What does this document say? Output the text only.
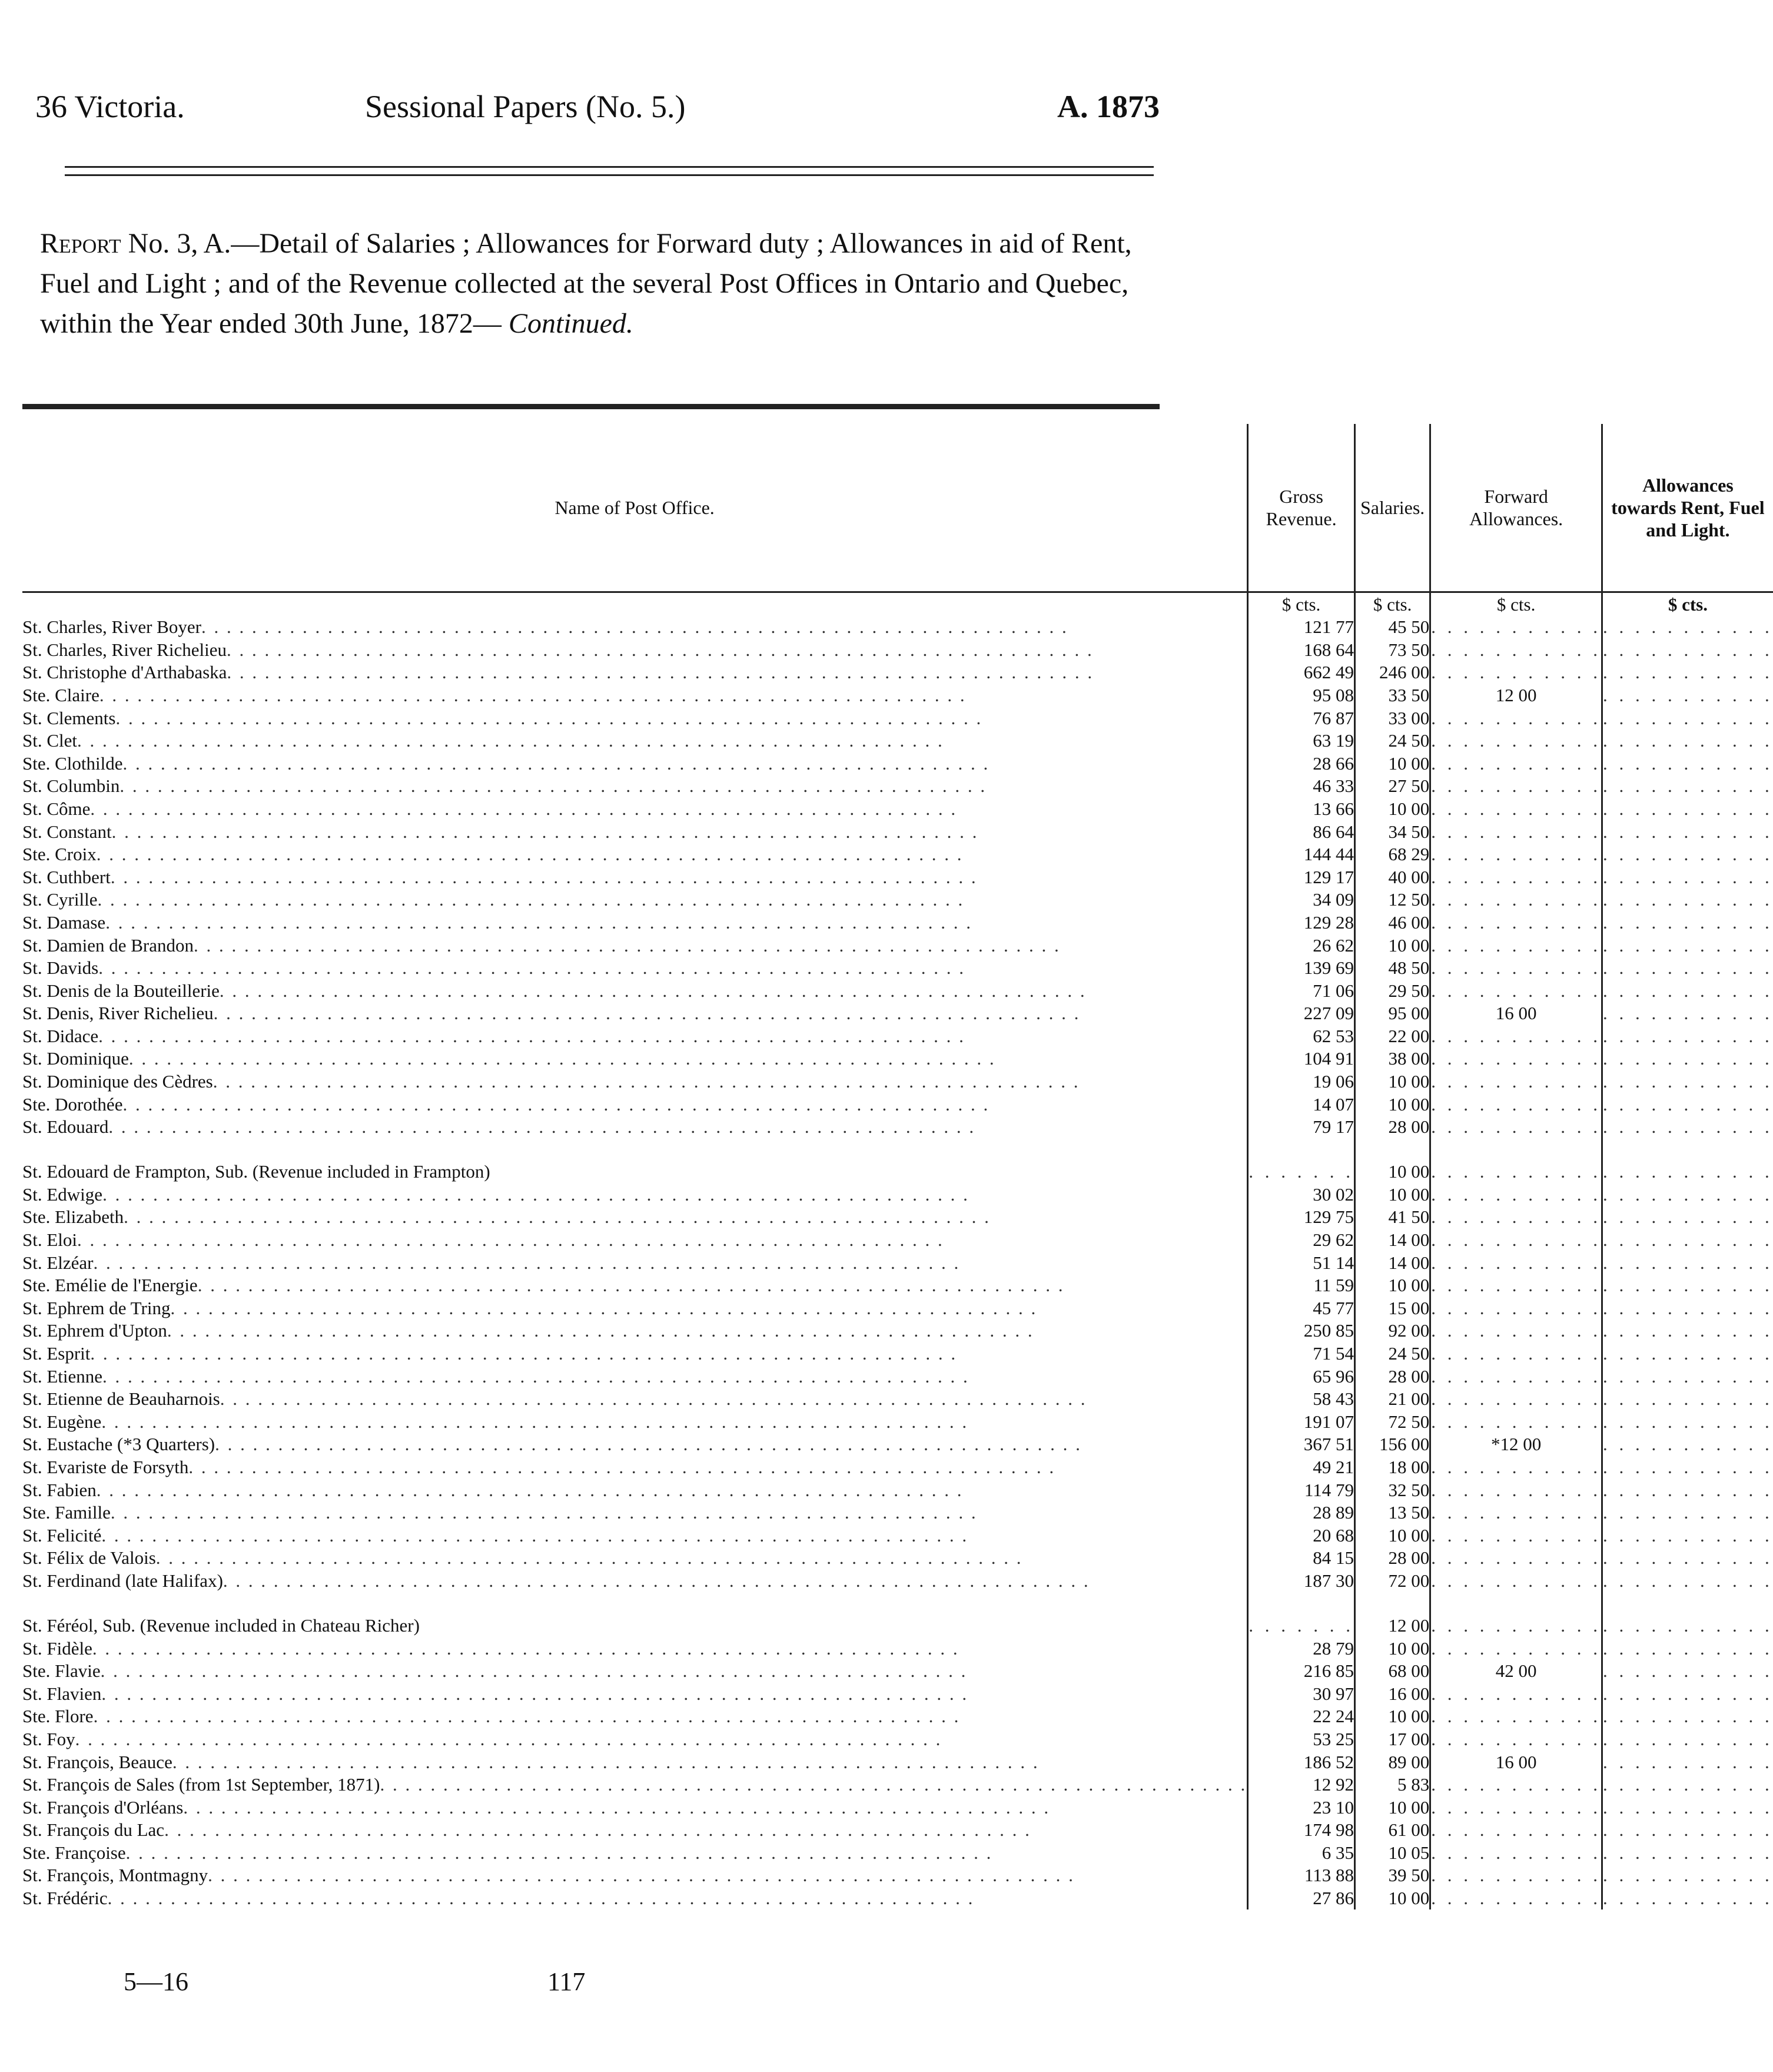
36 Victoria.	Sessional Papers (No. 5.)	A. 1873
Report No. 3, A.—Detail of Salaries ; Allowances for Forward duty ; Allowances in aid of Rent, Fuel and Light ; and of the Revenue collected at the several Post Offices in Ontario and Quebec, within the Year ended 30th June, 1872— Continued.
Name of Post Office.	Gross Revenue.	Salaries.	Forward Allowances.	Allowances towards Rent, Fuel and Light.
	$ cts.	$ cts.	$ cts.	$ cts.

St. Charles, River Boyer . . . . . . . . . . . . . . . . . . . . . . . . . . . . . . . . . . . . . . . . . . . . . . . . . . . . . . . . . . . . . . . . . . . . .	121 77	45 50	. . . . . . . . . . .	. . . . . . . . . . .

St. Charles, River Richelieu . . . . . . . . . . . . . . . . . . . . . . . . . . . . . . . . . . . . . . . . . . . . . . . . . . . . . . . . . . . . . . . . . . . . .	168 64	73 50	. . . . . . . . . . .	. . . . . . . . . . .

St. Christophe d'Arthabaska . . . . . . . . . . . . . . . . . . . . . . . . . . . . . . . . . . . . . . . . . . . . . . . . . . . . . . . . . . . . . . . . . . . . .	662 49	246 00	. . . . . . . . . . .	. . . . . . . . . . .

Ste. Claire . . . . . . . . . . . . . . . . . . . . . . . . . . . . . . . . . . . . . . . . . . . . . . . . . . . . . . . . . . . . . . . . . . . . .	95 08	33 50	12 00	. . . . . . . . . . .

St. Clements . . . . . . . . . . . . . . . . . . . . . . . . . . . . . . . . . . . . . . . . . . . . . . . . . . . . . . . . . . . . . . . . . . . . .	76 87	33 00	. . . . . . . . . . .	. . . . . . . . . . .

St. Clet . . . . . . . . . . . . . . . . . . . . . . . . . . . . . . . . . . . . . . . . . . . . . . . . . . . . . . . . . . . . . . . . . . . . .	63 19	24 50	. . . . . . . . . . .	. . . . . . . . . . .

Ste. Clothilde . . . . . . . . . . . . . . . . . . . . . . . . . . . . . . . . . . . . . . . . . . . . . . . . . . . . . . . . . . . . . . . . . . . . .	28 66	10 00	. . . . . . . . . . .	. . . . . . . . . . .

St. Columbin . . . . . . . . . . . . . . . . . . . . . . . . . . . . . . . . . . . . . . . . . . . . . . . . . . . . . . . . . . . . . . . . . . . . .	46 33	27 50	. . . . . . . . . . .	. . . . . . . . . . .

St. Côme . . . . . . . . . . . . . . . . . . . . . . . . . . . . . . . . . . . . . . . . . . . . . . . . . . . . . . . . . . . . . . . . . . . . .	13 66	10 00	. . . . . . . . . . .	. . . . . . . . . . .

St. Constant . . . . . . . . . . . . . . . . . . . . . . . . . . . . . . . . . . . . . . . . . . . . . . . . . . . . . . . . . . . . . . . . . . . . .	86 64	34 50	. . . . . . . . . . .	. . . . . . . . . . .

Ste. Croix . . . . . . . . . . . . . . . . . . . . . . . . . . . . . . . . . . . . . . . . . . . . . . . . . . . . . . . . . . . . . . . . . . . . .	144 44	68 29	. . . . . . . . . . .	. . . . . . . . . . .

St. Cuthbert . . . . . . . . . . . . . . . . . . . . . . . . . . . . . . . . . . . . . . . . . . . . . . . . . . . . . . . . . . . . . . . . . . . . .	129 17	40 00	. . . . . . . . . . .	. . . . . . . . . . .

St. Cyrille . . . . . . . . . . . . . . . . . . . . . . . . . . . . . . . . . . . . . . . . . . . . . . . . . . . . . . . . . . . . . . . . . . . . .	34 09	12 50	. . . . . . . . . . .	. . . . . . . . . . .

St. Damase . . . . . . . . . . . . . . . . . . . . . . . . . . . . . . . . . . . . . . . . . . . . . . . . . . . . . . . . . . . . . . . . . . . . .	129 28	46 00	. . . . . . . . . . .	. . . . . . . . . . .

St. Damien de Brandon . . . . . . . . . . . . . . . . . . . . . . . . . . . . . . . . . . . . . . . . . . . . . . . . . . . . . . . . . . . . . . . . . . . . .	26 62	10 00	. . . . . . . . . . .	. . . . . . . . . . .

St. Davids . . . . . . . . . . . . . . . . . . . . . . . . . . . . . . . . . . . . . . . . . . . . . . . . . . . . . . . . . . . . . . . . . . . . .	139 69	48 50	. . . . . . . . . . .	. . . . . . . . . . .

St. Denis de la Bouteillerie . . . . . . . . . . . . . . . . . . . . . . . . . . . . . . . . . . . . . . . . . . . . . . . . . . . . . . . . . . . . . . . . . . . . .	71 06	29 50	. . . . . . . . . . .	. . . . . . . . . . .

St. Denis, River Richelieu . . . . . . . . . . . . . . . . . . . . . . . . . . . . . . . . . . . . . . . . . . . . . . . . . . . . . . . . . . . . . . . . . . . . .	227 09	95 00	16 00	. . . . . . . . . . .

St. Didace . . . . . . . . . . . . . . . . . . . . . . . . . . . . . . . . . . . . . . . . . . . . . . . . . . . . . . . . . . . . . . . . . . . . .	62 53	22 00	. . . . . . . . . . .	. . . . . . . . . . .

St. Dominique . . . . . . . . . . . . . . . . . . . . . . . . . . . . . . . . . . . . . . . . . . . . . . . . . . . . . . . . . . . . . . . . . . . . .	104 91	38 00	. . . . . . . . . . .	. . . . . . . . . . .

St. Dominique des Cèdres . . . . . . . . . . . . . . . . . . . . . . . . . . . . . . . . . . . . . . . . . . . . . . . . . . . . . . . . . . . . . . . . . . . . .	19 06	10 00	. . . . . . . . . . .	. . . . . . . . . . .

Ste. Dorothée . . . . . . . . . . . . . . . . . . . . . . . . . . . . . . . . . . . . . . . . . . . . . . . . . . . . . . . . . . . . . . . . . . . . .	14 07	10 00	. . . . . . . . . . .	. . . . . . . . . . .

St. Edouard . . . . . . . . . . . . . . . . . . . . . . . . . . . . . . . . . . . . . . . . . . . . . . . . . . . . . . . . . . . . . . . . . . . . .	79 17	28 00	. . . . . . . . . . .	. . . . . . . . . . .

St. Edouard de Frampton, Sub. (Revenue included in Frampton)	. . . . . . .	10 00	. . . . . . . . . . .	. . . . . . . . . . .

St. Edwige . . . . . . . . . . . . . . . . . . . . . . . . . . . . . . . . . . . . . . . . . . . . . . . . . . . . . . . . . . . . . . . . . . . . .	30 02	10 00	. . . . . . . . . . .	. . . . . . . . . . .

Ste. Elizabeth . . . . . . . . . . . . . . . . . . . . . . . . . . . . . . . . . . . . . . . . . . . . . . . . . . . . . . . . . . . . . . . . . . . . .	129 75	41 50	. . . . . . . . . . .	. . . . . . . . . . .

St. Eloi . . . . . . . . . . . . . . . . . . . . . . . . . . . . . . . . . . . . . . . . . . . . . . . . . . . . . . . . . . . . . . . . . . . . .	29 62	14 00	. . . . . . . . . . .	. . . . . . . . . . .

St. Elzéar . . . . . . . . . . . . . . . . . . . . . . . . . . . . . . . . . . . . . . . . . . . . . . . . . . . . . . . . . . . . . . . . . . . . .	51 14	14 00	. . . . . . . . . . .	. . . . . . . . . . .

Ste. Emélie de l'Energie . . . . . . . . . . . . . . . . . . . . . . . . . . . . . . . . . . . . . . . . . . . . . . . . . . . . . . . . . . . . . . . . . . . . .	11 59	10 00	. . . . . . . . . . .	. . . . . . . . . . .

St. Ephrem de Tring . . . . . . . . . . . . . . . . . . . . . . . . . . . . . . . . . . . . . . . . . . . . . . . . . . . . . . . . . . . . . . . . . . . . .	45 77	15 00	. . . . . . . . . . .	. . . . . . . . . . .

St. Ephrem d'Upton . . . . . . . . . . . . . . . . . . . . . . . . . . . . . . . . . . . . . . . . . . . . . . . . . . . . . . . . . . . . . . . . . . . . .	250 85	92 00	. . . . . . . . . . .	. . . . . . . . . . .

St. Esprit . . . . . . . . . . . . . . . . . . . . . . . . . . . . . . . . . . . . . . . . . . . . . . . . . . . . . . . . . . . . . . . . . . . . .	71 54	24 50	. . . . . . . . . . .	. . . . . . . . . . .

St. Etienne . . . . . . . . . . . . . . . . . . . . . . . . . . . . . . . . . . . . . . . . . . . . . . . . . . . . . . . . . . . . . . . . . . . . .	65 96	28 00	. . . . . . . . . . .	. . . . . . . . . . .

St. Etienne de Beauharnois . . . . . . . . . . . . . . . . . . . . . . . . . . . . . . . . . . . . . . . . . . . . . . . . . . . . . . . . . . . . . . . . . . . . .	58 43	21 00	. . . . . . . . . . .	. . . . . . . . . . .

St. Eugène . . . . . . . . . . . . . . . . . . . . . . . . . . . . . . . . . . . . . . . . . . . . . . . . . . . . . . . . . . . . . . . . . . . . .	191 07	72 50	. . . . . . . . . . .	. . . . . . . . . . .

St. Eustache (*3 Quarters) . . . . . . . . . . . . . . . . . . . . . . . . . . . . . . . . . . . . . . . . . . . . . . . . . . . . . . . . . . . . . . . . . . . . .	367 51	156 00	*12 00	. . . . . . . . . . .

St. Evariste de Forsyth . . . . . . . . . . . . . . . . . . . . . . . . . . . . . . . . . . . . . . . . . . . . . . . . . . . . . . . . . . . . . . . . . . . . .	49 21	18 00	. . . . . . . . . . .	. . . . . . . . . . .

St. Fabien . . . . . . . . . . . . . . . . . . . . . . . . . . . . . . . . . . . . . . . . . . . . . . . . . . . . . . . . . . . . . . . . . . . . .	114 79	32 50	. . . . . . . . . . .	. . . . . . . . . . .

Ste. Famille . . . . . . . . . . . . . . . . . . . . . . . . . . . . . . . . . . . . . . . . . . . . . . . . . . . . . . . . . . . . . . . . . . . . .	28 89	13 50	. . . . . . . . . . .	. . . . . . . . . . .

St. Felicité . . . . . . . . . . . . . . . . . . . . . . . . . . . . . . . . . . . . . . . . . . . . . . . . . . . . . . . . . . . . . . . . . . . . .	20 68	10 00	. . . . . . . . . . .	. . . . . . . . . . .

St. Félix de Valois . . . . . . . . . . . . . . . . . . . . . . . . . . . . . . . . . . . . . . . . . . . . . . . . . . . . . . . . . . . . . . . . . . . . .	84 15	28 00	. . . . . . . . . . .	. . . . . . . . . . .

St. Ferdinand (late Halifax) . . . . . . . . . . . . . . . . . . . . . . . . . . . . . . . . . . . . . . . . . . . . . . . . . . . . . . . . . . . . . . . . . . . . .	187 30	72 00	. . . . . . . . . . .	. . . . . . . . . . .

St. Féréol, Sub. (Revenue included in Chateau Richer)	. . . . . . .	12 00	. . . . . . . . . . .	. . . . . . . . . . .

St. Fidèle . . . . . . . . . . . . . . . . . . . . . . . . . . . . . . . . . . . . . . . . . . . . . . . . . . . . . . . . . . . . . . . . . . . . .	28 79	10 00	. . . . . . . . . . .	. . . . . . . . . . .

Ste. Flavie . . . . . . . . . . . . . . . . . . . . . . . . . . . . . . . . . . . . . . . . . . . . . . . . . . . . . . . . . . . . . . . . . . . . .	216 85	68 00	42 00	. . . . . . . . . . .

St. Flavien . . . . . . . . . . . . . . . . . . . . . . . . . . . . . . . . . . . . . . . . . . . . . . . . . . . . . . . . . . . . . . . . . . . . .	30 97	16 00	. . . . . . . . . . .	. . . . . . . . . . .

Ste. Flore . . . . . . . . . . . . . . . . . . . . . . . . . . . . . . . . . . . . . . . . . . . . . . . . . . . . . . . . . . . . . . . . . . . . .	22 24	10 00	. . . . . . . . . . .	. . . . . . . . . . .

St. Foy . . . . . . . . . . . . . . . . . . . . . . . . . . . . . . . . . . . . . . . . . . . . . . . . . . . . . . . . . . . . . . . . . . . . .	53 25	17 00	. . . . . . . . . . .	. . . . . . . . . . .

St. François, Beauce . . . . . . . . . . . . . . . . . . . . . . . . . . . . . . . . . . . . . . . . . . . . . . . . . . . . . . . . . . . . . . . . . . . . .	186 52	89 00	16 00	. . . . . . . . . . .

St. François de Sales (from 1st September, 1871) . . . . . . . . . . . . . . . . . . . . . . . . . . . . . . . . . . . . . . . . . . . . . . . . . . . . . . . . . . . . . . . . . . . . .	12 92	5 83	. . . . . . . . . . .	. . . . . . . . . . .

St. François d'Orléans . . . . . . . . . . . . . . . . . . . . . . . . . . . . . . . . . . . . . . . . . . . . . . . . . . . . . . . . . . . . . . . . . . . . .	23 10	10 00	. . . . . . . . . . .	. . . . . . . . . . .

St. François du Lac . . . . . . . . . . . . . . . . . . . . . . . . . . . . . . . . . . . . . . . . . . . . . . . . . . . . . . . . . . . . . . . . . . . . .	174 98	61 00	. . . . . . . . . . .	. . . . . . . . . . .

Ste. Françoise . . . . . . . . . . . . . . . . . . . . . . . . . . . . . . . . . . . . . . . . . . . . . . . . . . . . . . . . . . . . . . . . . . . . .	6 35	10 05	. . . . . . . . . . .	. . . . . . . . . . .

St. François, Montmagny . . . . . . . . . . . . . . . . . . . . . . . . . . . . . . . . . . . . . . . . . . . . . . . . . . . . . . . . . . . . . . . . . . . . .	113 88	39 50	. . . . . . . . . . .	. . . . . . . . . . .

St. Frédéric . . . . . . . . . . . . . . . . . . . . . . . . . . . . . . . . . . . . . . . . . . . . . . . . . . . . . . . . . . . . . . . . . . . . .	27 86	10 00	. . . . . . . . . . .	. . . . . . . . . . .
5—16	117
